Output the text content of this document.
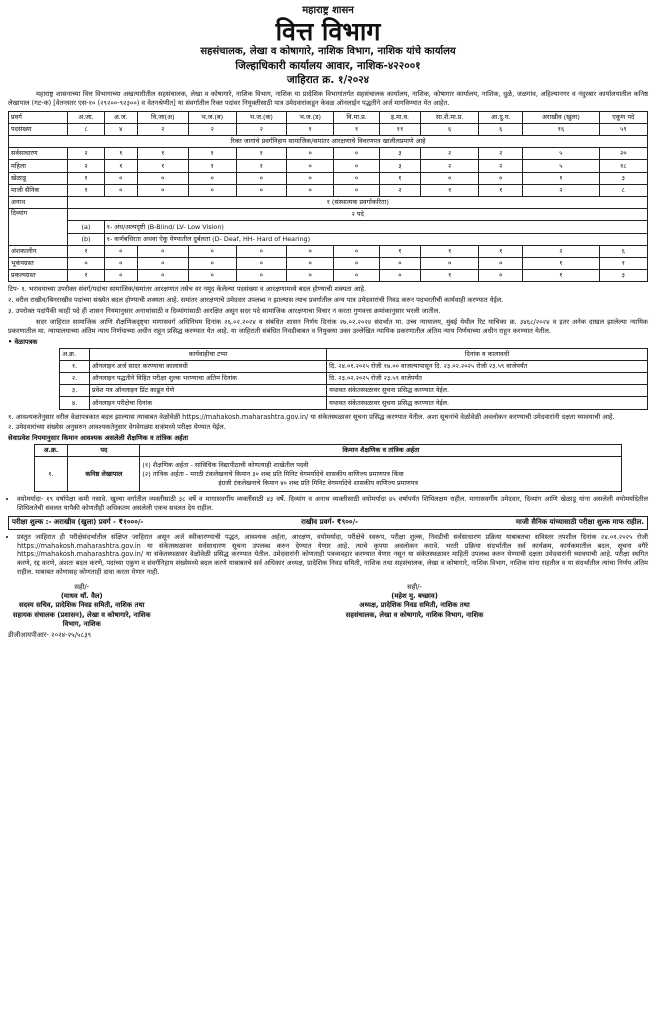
महाराष्ट्र शासन
वित्त विभाग
सहसंचालक, लेखा व कोषागारे, नाशिक विभाग, नाशिक यांचे कार्यालय
जिल्हाधिकारी कार्यालय आवार, नाशिक-४२२००१
जाहिरात क्र. १/२०२४

महाराष्ट्र शासनाच्या वित्त विभागाच्या अखत्यारीतील सहसंचालक, लेखा व कोषागारे, नाशिक विभाग, नाशिक या प्रादेशिक विभागांतर्गत सहसंचालक कार्यालय, नाशिक, कोषागार कार्यालय, नाशिक, धुळे, जळगांव, अहिल्यानगर व नंदुरबार कार्यालयातील कनिष्ठ लेखापाल (गट-क) [वेतनस्तर एस-१० (२९२००-९२३००) व वेतनश्रेणीत] या संवर्गातील रिक्त पदांवर नियुक्तीसाठी पात्र उमेदवारांकडून केवळ ऑनलाईन पद्धतीने अर्ज मागविण्यात येत आहेत.

प्रवर्ग	अ.जा.	अ.ज.	वि.जा(अ)	भ.ज.(ब)	भ.ज.(क)	भ.ज.(ड)	वि.मा.प्र.	इ.मा.व.	सा.शै.मा.प्र.	आ.दु.घ.	अराखीव (खुला)	एकूण पदे
पदसंख्या	८	४	२	२	२	१	१	११	६	६	१६	५९
रिक्त जागांचे प्रवर्गनिहाय सामाजिक/समांतर आरक्षणाचे विवरणपत्र खालीलप्रमाणे आहे												
सर्वसाधारण	२	१	१	१	१	०	०	३	२	२	५	२०
महिला	२	१	१	१	१	०	०	३	२	२	५	१८
खेळाडू	१	०	०	०	०	०	०	१	०	०	१	३
माजी सैनिक	१	०	०	०	०	०	०	२	१	१	२	८
अनाथ	१ (संस्थात्मक प्रवर्गाकरिता)											
दिव्यांग	२ पदे											
	(a)	१- अंध/अल्पदृष्टी (B-Blind/ LV- Low Vision)										
	(b)	१- कर्णबधिरता अथवा ऐकू येण्यातील दुर्बलता (D- Deaf, HH- Hard of Hearing)										
अंशकालीन	१	०	०	०	०	०	०	१	१	१	२	६
भूकंपग्रस्त	०	०	०	०	०	०	०	०	०	०	१	१
प्रकल्पग्रस्त	१	०	०	०	०	०	०	०	१	०	१	३

टिप- १. भरावयाच्या उपरोक्त संवर्ग/पदांचा सामाजिक/समांतर आरक्षणात तसेच वर नमूद केलेल्या पदसंख्या व आरक्षणामध्ये बदल होण्याची शक्यता आहे.

२. वरील राखीव/बिनराखीव पदांच्या संख्येत बदल होण्याची शक्यता आहे. समांतर आरक्षणाचे उमेदवार उपलब्ध न झाल्यास त्याच प्रवर्गातील अन्य पात्र उमेदवारांची निवड करुन पदभरतीची कार्यवाही करण्यात येईल.

३. उपरोक्त पदांपैकी काही पदे ही शासन नियमानुसार अनाथांसाठी व दिव्यांगांसाठी आरक्षित असून सदर पदे सामाजिक आरक्षणाचा विचार न करता गुणवत्ता क्रमांकानुसार भरली जातील.

सदर जाहिरात सामाजिक आणि शैक्षणिकदृष्ट्या मागासवर्ग अधिनियम दिनांक २६.०२.२०२४ व संबंधित शासन निर्णय दिनांक २७.०२.२०२४ संदर्भात मा. उच्च न्यायालय, मुंबई येथील रिट याचिका क्र. ३४६८/२०२४ व इतर अनेक दाखल झालेल्या न्यायिक प्रकरणातील मा. न्यायालयाच्या अंतिम न्याय निर्णयाच्या अधीन राहून प्रसिद्ध करण्यात येत आहे. या जाहिराती संबंधित निवडीबाबत व नियुक्त्या उक्त उल्लेखित न्यायिक प्रकरणातील अंतिम न्याय निर्णयाच्या अधीन राहून करण्यात येतील.

• वेळापत्रक
अ.क्र.	कार्यवाहीचा टप्पा	दिनांक व कालावधी
१.	ऑनलाइन अर्ज सादर करण्याचा कालावधी	दि. २४.०१.२०२५ रोजी १७.०० वाजल्यापासून दि. २३.०२.२०२५ रोजी २३.५९ वाजेपर्यंत
२.	ऑनलाइन पद्धतीने विहित परीक्षा शुल्क भरण्याचा अंतिम दिनांक	दि. २३.०२.२०२५ रोजी २३.५९ वाजेपर्यंत
३.	प्रवेश पत्र ऑनलाइन प्रिंट काढून घेणे	यथावत संकेतस्थळावर सुचना प्रसिद्ध करण्यात येईल.
४.	ऑनलाइन परीक्षेचा दिनांक	यथावत संकेतस्थळावर सुचना प्रसिद्ध करण्यात येईल.

१. आवश्यकतेनुसार वरील वेळापत्रकात बदल झाल्यास त्याबाबत वेळोवेळी https://mahakosh.maharashtra.gov.in/ या संकेतस्थळावर सूचना प्रसिद्ध करण्यात येतील. अशा सूचनांचे वेळोवेळी अवलोकन करण्याची उमेदवारांनी दक्षता घ्यावयाची आहे.

२. उमेदवारांच्या संख्येस अनुसरुन आवश्यकतेनुसार वेगवेगळ्या सत्रांमध्ये परीक्षा घेण्यात येईल.

सेवाप्रवेश नियमानुसार किमान आवश्यक असलेली शैक्षणिक व तांत्रिक अर्हता
अ.क्र.	पद	किमान शैक्षणिक व तांत्रिक अर्हता
१.	कनिष्ठ लेखापाल	(१) शैक्षणिक अर्हता - सांविधिक विद्यापीठाची कोणत्याही शाखेतील पदवी
(२) तांत्रिक अर्हता - मराठी टंकलेखनाचे किमान ३० शब्द प्रति मिनिट वेगमर्यादेचे शासकीय वाणिज्य प्रमाणपत्र किंवा
इंग्रजी टंकलेखनाचे किमान ४० शब्द प्रति मिनिट वेगमर्यादेचे शासकीय वाणिज्य प्रमाणपत्र
• वयोमर्यादा- १९ वर्षापेक्षा कमी नसावे. खुल्या वर्गातील व्यक्तीसाठी ३८ वर्षे व मागासवर्गीय व्यक्तींसाठी ४३ वर्षे. दिव्यांग व अनाथ व्यक्तीसाठी वयोमर्यादा ४५ वर्षापर्यंत शिथिलक्षम राहील. मागासवर्गीय उमेदवार, दिव्यांग आणि खेळाडू यांना असलेली वयोमर्यादेतील शिथिलतेची सवलत यापैकी कोणतीही अधिकतम असलेली एकच सवलत देय राहील.
परीक्षा शुल्क :- अराखीव (खुला) प्रवर्ग - ₹१०००/-	राखीव प्रवर्ग- ₹९००/-	माजी सैनिक यांच्यासाठी परीक्षा शुल्क माफ राहील.
• प्रस्तुत जाहिरात ही परीक्षेसंदर्भातील संक्षिप्त जाहिरात असून अर्ज स्वीकारण्याची पद्धत, आवश्यक अर्हता, आरक्षण, वयोमर्यादा, परीक्षेचे स्वरूप, परीक्षा शुल्क, निवडीची सर्वसाधारण प्रक्रिया याबाबतचा सविस्तर तपशील दिनांक २४.०१.२०२५ रोजी https://mahakosh.maharashtra.gov.in या संकेतस्थळावर सर्वसाधारण सूचना उपलब्ध करुन देण्यात येणार आहे. त्याचे कृपया अवलोकन करावे. भरती प्रक्रिया संदर्भातील सर्व कार्यक्रम, कार्यकमातील बदल, सूचना वगैरे https://mahakosh.maharashtra.gov.in/ या संकेतस्थळावर वेळोवेळी प्रसिद्ध करण्यात येतील. उमेदवारांनी कोणताही पत्रव्यवहार करण्यात येणार नसून या संकेतस्थळावर माहिती उपलब्ध करुन घेण्याची दक्षता उमेदवारांनी घ्यावयाची आहे. परीक्षा स्थगित करणे, रद्द करणे, अंशतः बदल करणे, पदांच्या एकुण व संवर्गनिहाय संख्येमध्ये बदल करणे याबाबतचे सर्व अधिकार अध्यक्ष, प्रादेशिक निवड समिती, नाशिक तथा सहसंचालक, लेखा व कोषागारे, नाशिक विभाग, नाशिक यांना राहतील व या संदर्भातील त्यांचा निर्णय अंतिम राहील. याबाबत कोणासह कोणताही दावा करता येणार नाही.
सही/-
(माधव थॉ. वैल)
सदस्य सचिव, प्रादेशिक निवड समिती, नाशिक तथा
सहायक संचालक (प्रशासन), लेखा व कोषागारे, नाशिक विभाग, नाशिक
सही/-
(महेश मु. बच्छाव)
अध्यक्ष, प्रादेशिक निवड समिती, नाशिक तथा
सहसंचालक, लेखा व कोषागारे, नाशिक विभाग, नाशिक
डीजीआयपीआर- २०२४-२५/५८३९
